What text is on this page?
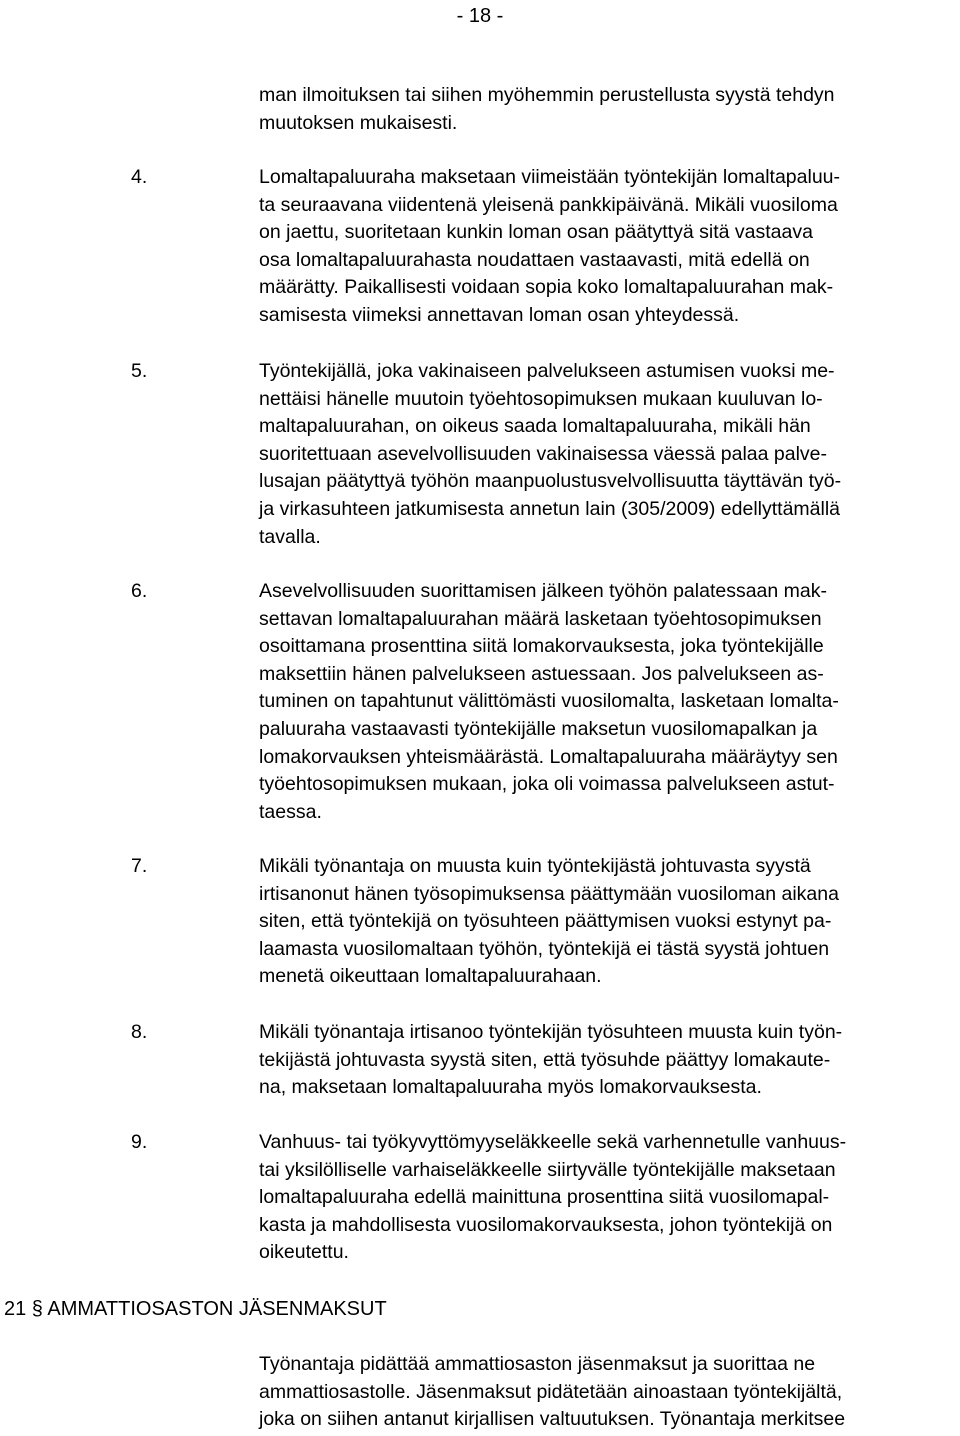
- 18 -
man ilmoituksen tai siihen myöhemmin perustellusta syystä tehdyn
muutoksen mukaisesti.
4.	Lomaltapaluuraha maksetaan viimeistään työntekijän lomaltapaluu-
ta seuraavana viidentenä yleisenä pankkipäivänä. Mikäli vuosiloma
on jaettu, suoritetaan kunkin loman osan päätyttyä sitä vastaava
osa lomaltapaluurahasta noudattaen vastaavasti, mitä edellä on
määrätty. Paikallisesti voidaan sopia koko lomaltapaluurahan mak-
samisesta viimeksi annettavan loman osan yhteydessä.
5.	Työntekijällä, joka vakinaiseen palvelukseen astumisen vuoksi me-
nettäisi hänelle muutoin työehtosopimuksen mukaan kuuluvan lo-
maltapaluurahan, on oikeus saada lomaltapaluuraha, mikäli hän
suoritettuaan asevelvollisuuden vakinaisessa väessä palaa palve-
lusajan päätyttyä työhön maanpuolustusvelvollisuutta täyttävän työ-
ja virkasuhteen jatkumisesta annetun lain (305/2009) edellyttämällä
tavalla.
6.	Asevelvollisuuden suorittamisen jälkeen työhön palatessaan mak-
settavan lomaltapaluurahan määrä lasketaan työehtosopimuksen
osoittamana prosenttina siitä lomakorvauksesta, joka työntekijälle
maksettiin hänen palvelukseen astuessaan. Jos palvelukseen as-
tuminen on tapahtunut välittömästi vuosilomalta, lasketaan lomalta-
paluuraha vastaavasti työntekijälle maksetun vuosilomapalkan ja
lomakorvauksen yhteismäärästä. Lomaltapaluuraha määräytyy sen
työehtosopimuksen mukaan, joka oli voimassa palvelukseen astut-
taessa.
7.	Mikäli työnantaja on muusta kuin työntekijästä johtuvasta syystä
irtisanonut hänen työsopimuksensa päättymään vuosiloman aikana
siten, että työntekijä on työsuhteen päättymisen vuoksi estynyt pa-
laamasta vuosilomaltaan työhön, työntekijä ei tästä syystä johtuen
menetä oikeuttaan lomaltapaluurahaan.
8.	Mikäli työnantaja irtisanoo työntekijän työsuhteen muusta kuin työn-
tekijästä johtuvasta syystä siten, että työsuhde päättyy lomakaute-
na, maksetaan lomaltapaluuraha myös lomakorvauksesta.
9.	Vanhuus- tai työkyvyttömyyseläkkeelle sekä varhennetulle vanhuus-
tai yksilölliselle varhaiseläkkeelle siirtyvälle työntekijälle maksetaan
lomaltapaluuraha edellä mainittuna prosenttina siitä vuosilomapal-
kasta ja mahdollisesta vuosilomakorvauksesta, johon työntekijä on
oikeutettu.
21 § AMMATTIOSASTON JÄSENMAKSUT
Työnantaja pidättää ammattiosaston jäsenmaksut ja suorittaa ne
ammattiosastolle. Jäsenmaksut pidätetään ainoastaan työntekijältä,
joka on siihen antanut kirjallisen valtuutuksen. Työnantaja merkitsee
